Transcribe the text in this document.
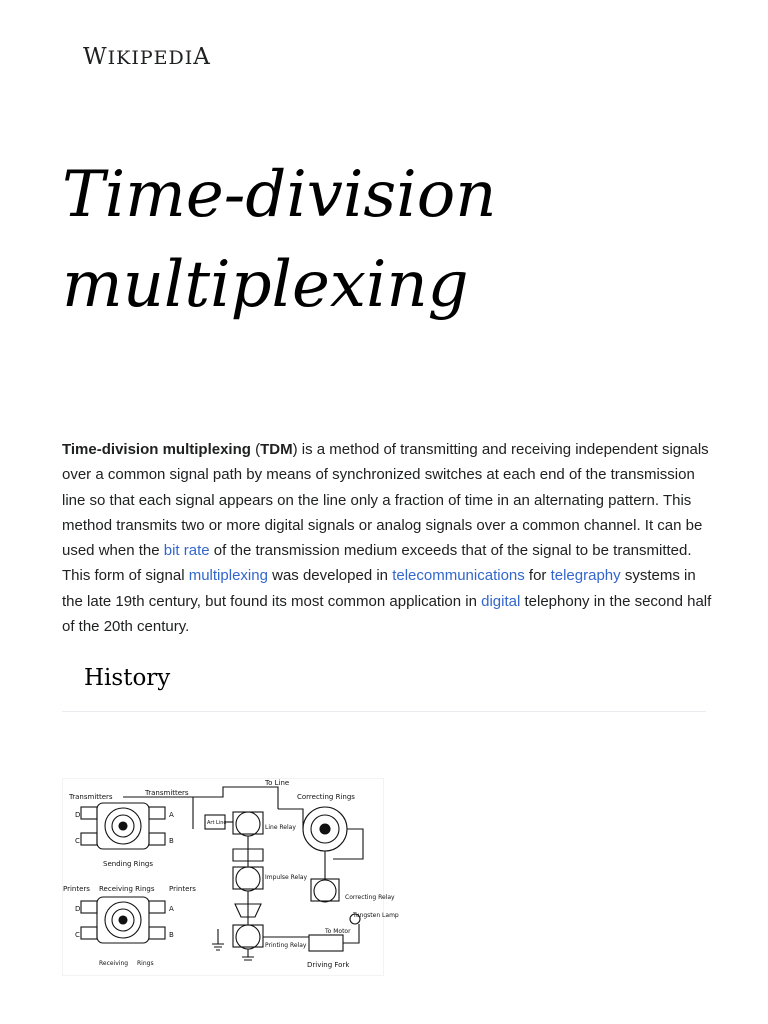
WIKIPEDIA
Time-division
multiplexing

Time-division multiplexing (TDM) is a method of transmitting and receiving independent signals over a common signal path by means of synchronized switches at each end of the transmission line so that each signal appears on the line only a fraction of time in an alternating pattern. This method transmits two or more digital signals or analog signals over a common channel. It can be used when the bit rate of the transmission medium exceeds that of the signal to be transmitted. This form of signal multiplexing was developed in telecommunications for telegraphy systems in the late 19th century, but found its most common application in digital telephony in the second half of the 20th century.

History
Transmitters	Transmitters
To Line
Correcting Rings
Art Line
Line Relay
Sending Rings
Impulse Relay
Printers Receiving Rings Printers
Correcting Relay
Tungsten Lamp
To Motor
Printing Relay
Receiving Rings	Driving Fork
D	A
C	B
D	A
C	B
